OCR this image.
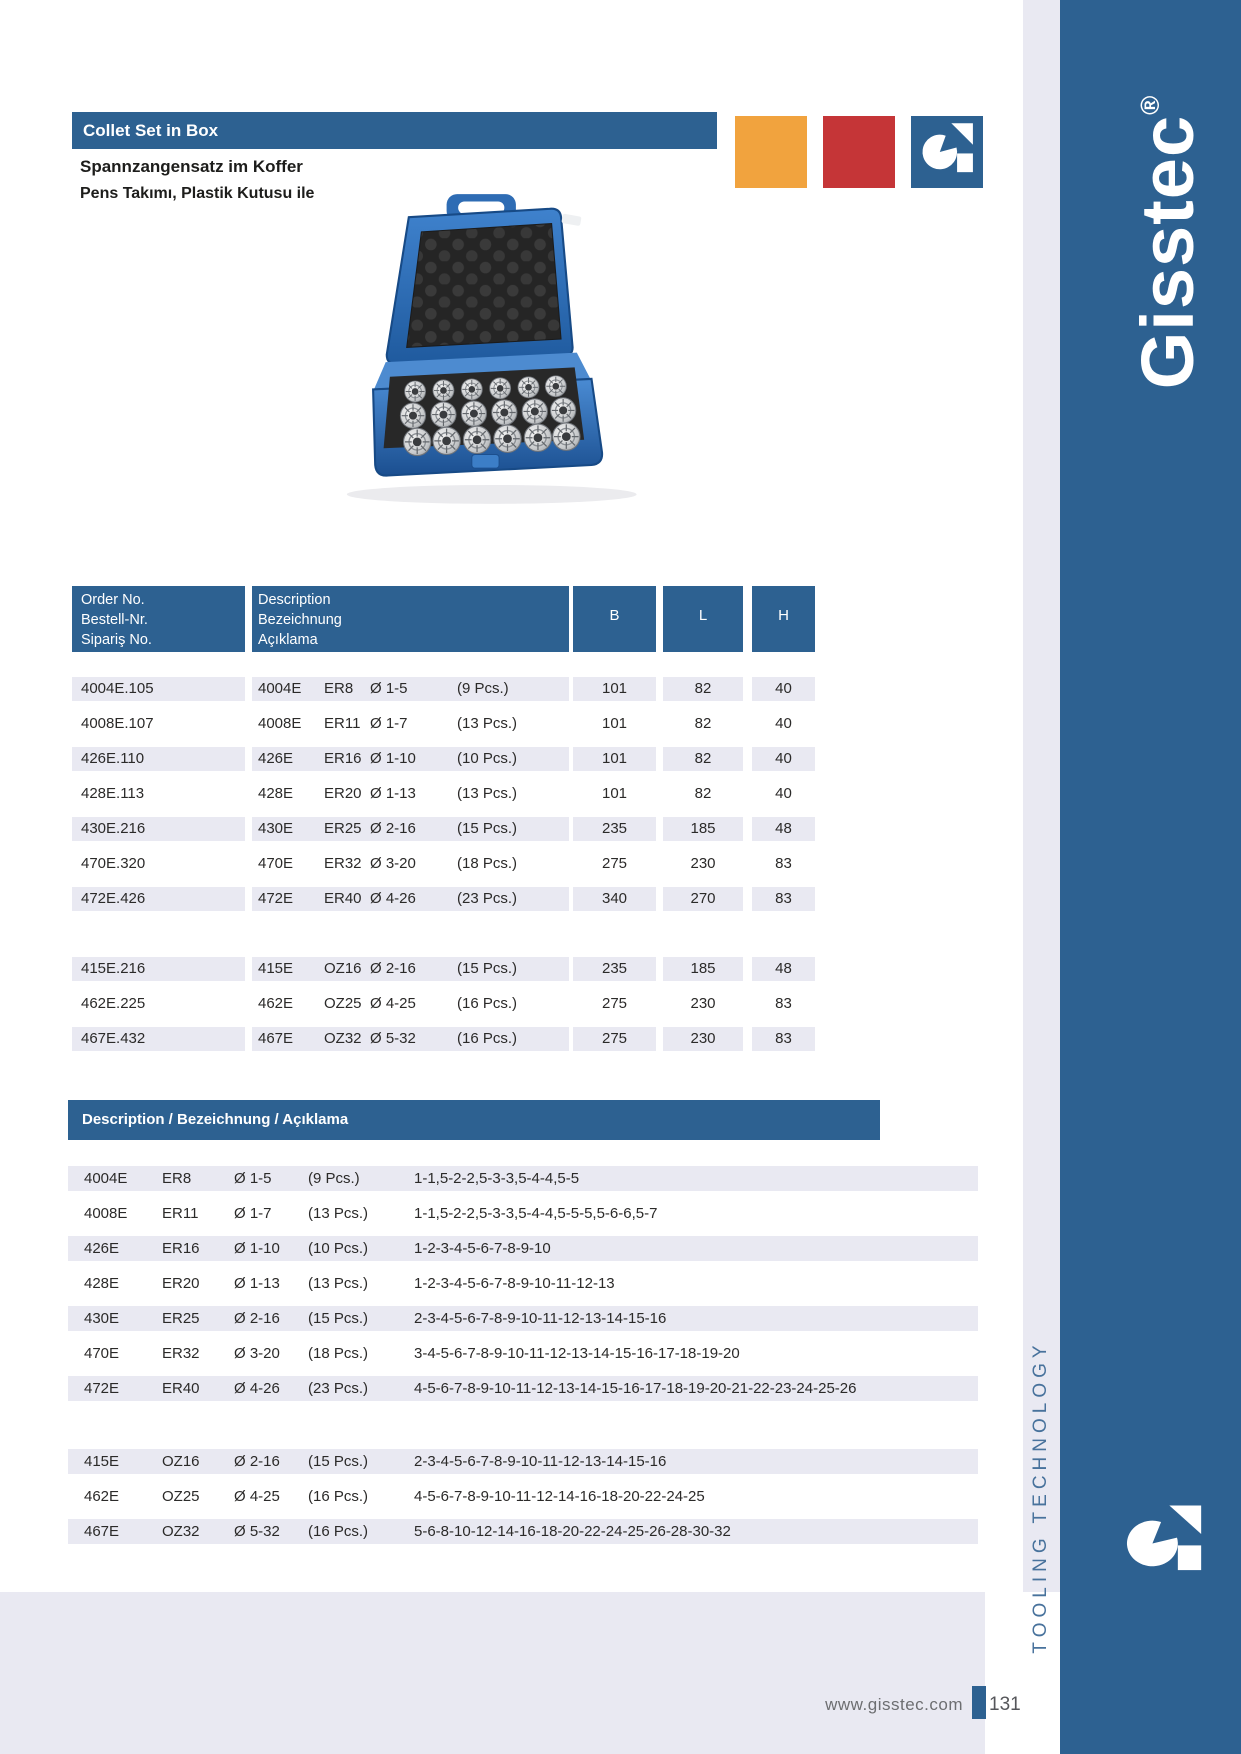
Collet Set in Box
Spannzangensatz im Koffer
Pens Takımı, Plastik Kutusu ile	Gisstec®
TOOLING TECHNOLOGY
Order No.
Bestell-Nr.
Sipariş No.
Description
Bezeichnung
Açıklama
B	L	H
4004E.105	4004E ER8 Ø 1-5	(9 Pcs.)	101	82	40
4008E.107	4008E ER11 Ø 1-7	(13 Pcs.)	101	82	40
426E.110	426E ER16 Ø 1-10	(10 Pcs.)	101	82	40
428E.113	428E ER20 Ø 1-13	(13 Pcs.)	101	82	40
430E.216	430E ER25 Ø 2-16	(15 Pcs.)	235	185	48
470E.320	470E ER32 Ø 3-20	(18 Pcs.)	275	230	83
472E.426	472E ER40 Ø 4-26	(23 Pcs.)	340	270	83
415E.216	415E OZ16 Ø 2-16	(15 Pcs.)	235	185	48
462E.225	462E OZ25 Ø 4-25	(16 Pcs.)	275	230	83
467E.432	467E OZ32 Ø 5-32	(16 Pcs.)	275	230	83
Description / Bezeichnung / Açıklama
4004E ER8	Ø 1-5 (9 Pcs.)	1-1,5-2-2,5-3-3,5-4-4,5-5
4008E ER11 Ø 1-7 (13 Pcs.)	1-1,5-2-2,5-3-3,5-4-4,5-5-5,5-6-6,5-7
426E	ER16 Ø 1-10 (10 Pcs.)	1-2-3-4-5-6-7-8-9-10
428E	ER20 Ø 1-13 (13 Pcs.)	1-2-3-4-5-6-7-8-9-10-11-12-13
430E	ER25 Ø 2-16 (15 Pcs.)	2-3-4-5-6-7-8-9-10-11-12-13-14-15-16
470E	ER32 Ø 3-20 (18 Pcs.)	3-4-5-6-7-8-9-10-11-12-13-14-15-16-17-18-19-20
472E	ER40 Ø 4-26 (23 Pcs.)	4-5-6-7-8-9-10-11-12-13-14-15-16-17-18-19-20-21-22-23-24-25-26
415E	OZ16 Ø 2-16 (15 Pcs.)	2-3-4-5-6-7-8-9-10-11-12-13-14-15-16
462E	OZ25 Ø 4-25 (16 Pcs.)	4-5-6-7-8-9-10-11-12-14-16-18-20-22-24-25
467E	OZ32 Ø 5-32 (16 Pcs.)	5-6-8-10-12-14-16-18-20-22-24-25-26-28-30-32
www.gisstec.com 131
